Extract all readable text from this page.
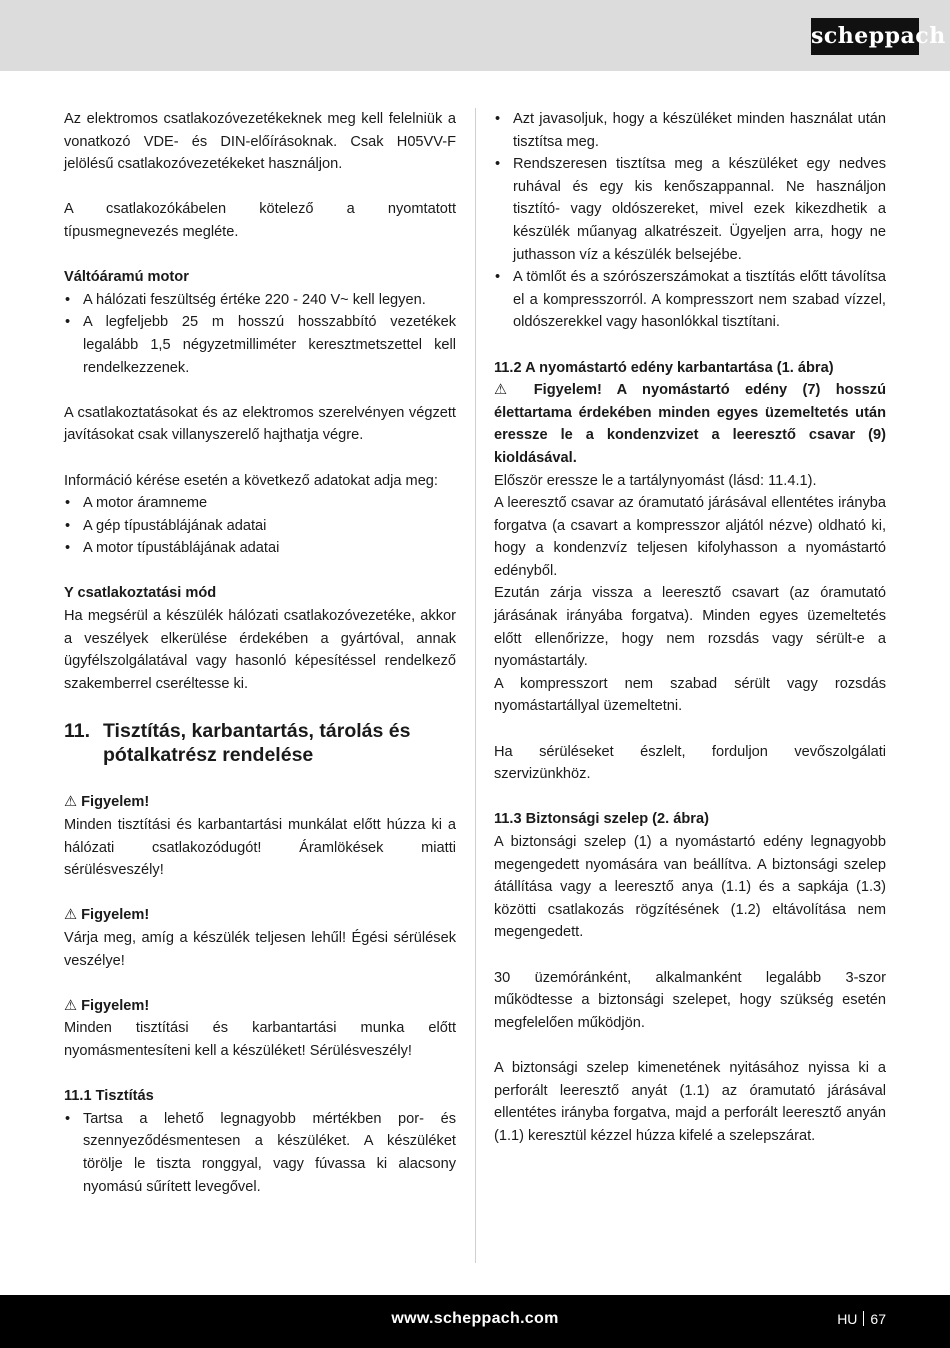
scheppach

Az elektromos csatlakozóvezetékeknek meg kell felelniük a vonatkozó VDE- és DIN-előírásoknak. Csak H05VV-F jelölésű csatlakozóvezetékeket használjon.

A csatlakozókábelen kötelező a nyomtatott típusmegnevezés megléte.

Váltóáramú motor

• A hálózati feszültség értéke 220 - 240 V~ kell legyen.
• A legfeljebb 25 m hosszú hosszabbító vezetékek legalább 1,5 négyzetmilliméter keresztmetszettel kell rendelkezzenek.

A csatlakoztatásokat és az elektromos szerelvényen végzett javításokat csak villanyszerelő hajthatja végre.

Információ kérése esetén a következő adatokat adja meg:

• A motor áramneme
• A gép típustáblájának adatai
• A motor típustáblájának adatai

Y csatlakoztatási mód

Ha megsérül a készülék hálózati csatlakozóvezetéke, akkor a veszélyek elkerülése érdekében a gyártóval, annak ügyfélszolgálatával vagy hasonló képesítéssel rendelkező szakemberrel cseréltesse ki.

11. Tisztítás, karbantartás, tárolás és pótalkatrész rendelése

⚠ Figyelem!

Minden tisztítási és karbantartási munkálat előtt húzza ki a hálózati csatlakozódugót! Áramlökések miatti sérülésveszély!

⚠ Figyelem!

Várja meg, amíg a készülék teljesen lehűl! Égési sérülések veszélye!

⚠ Figyelem!

Minden tisztítási és karbantartási munka előtt nyomásmentesíteni kell a készüléket! Sérülésveszély!

11.1 Tisztítás

• Tartsa a lehető legnagyobb mértékben por- és szennyeződésmentesen a készüléket. A készüléket törölje le tiszta ronggyal, vagy fúvassa ki alacsony nyomású sűrített levegővel.
• Azt javasoljuk, hogy a készüléket minden használat után tisztítsa meg.
• Rendszeresen tisztítsa meg a készüléket egy nedves ruhával és egy kis kenőszappannal. Ne használjon tisztító- vagy oldószereket, mivel ezek kikezdhetik a készülék műanyag alkatrészeit. Ügyeljen arra, hogy ne juthasson víz a készülék belsejébe.
• A tömlőt és a szórószerszámokat a tisztítás előtt távolítsa el a kompresszorról. A kompresszort nem szabad vízzel, oldószerekkel vagy hasonlókkal tisztítani.

11.2 A nyomástartó edény karbantartása (1. ábra)

⚠ Figyelem! A nyomástartó edény (7) hosszú élettartama érdekében minden egyes üzemeltetés után eressze le a kondenzvizet a leeresztő csavar (9) kioldásával.

Először eressze le a tartálynyomást (lásd: 11.4.1).

A leeresztő csavar az óramutató járásával ellentétes irányba forgatva (a csavart a kompresszor aljától nézve) oldható ki, hogy a kondenzvíz teljesen kifolyhasson a nyomástartó edényből.

Ezután zárja vissza a leeresztő csavart (az óramutató járásának irányába forgatva). Minden egyes üzemeltetés előtt ellenőrizze, hogy nem rozsdás vagy sérült-e a nyomástartály.

A kompresszort nem szabad sérült vagy rozsdás nyomástartállyal üzemeltetni.

Ha sérüléseket észlelt, forduljon vevőszolgálati szervizünkhöz.

11.3 Biztonsági szelep (2. ábra)

A biztonsági szelep (1) a nyomástartó edény legnagyobb megengedett nyomására van beállítva. A biztonsági szelep átállítása vagy a leeresztő anya (1.1) és a sapkája (1.3) közötti csatlakozás rögzítésének (1.2) eltávolítása nem megengedett.

30 üzemóránként, alkalmanként legalább 3-szor működtesse a biztonsági szelepet, hogy szükség esetén megfelelően működjön.

A biztonsági szelep kimenetének nyitásához nyissa ki a perforált leeresztő anyát (1.1) az óramutató járásával ellentétes irányba forgatva, majd a perforált leeresztő anyán (1.1) keresztül kézzel húzza kifelé a szelepszárat.

www.scheppach.com	HU 67
